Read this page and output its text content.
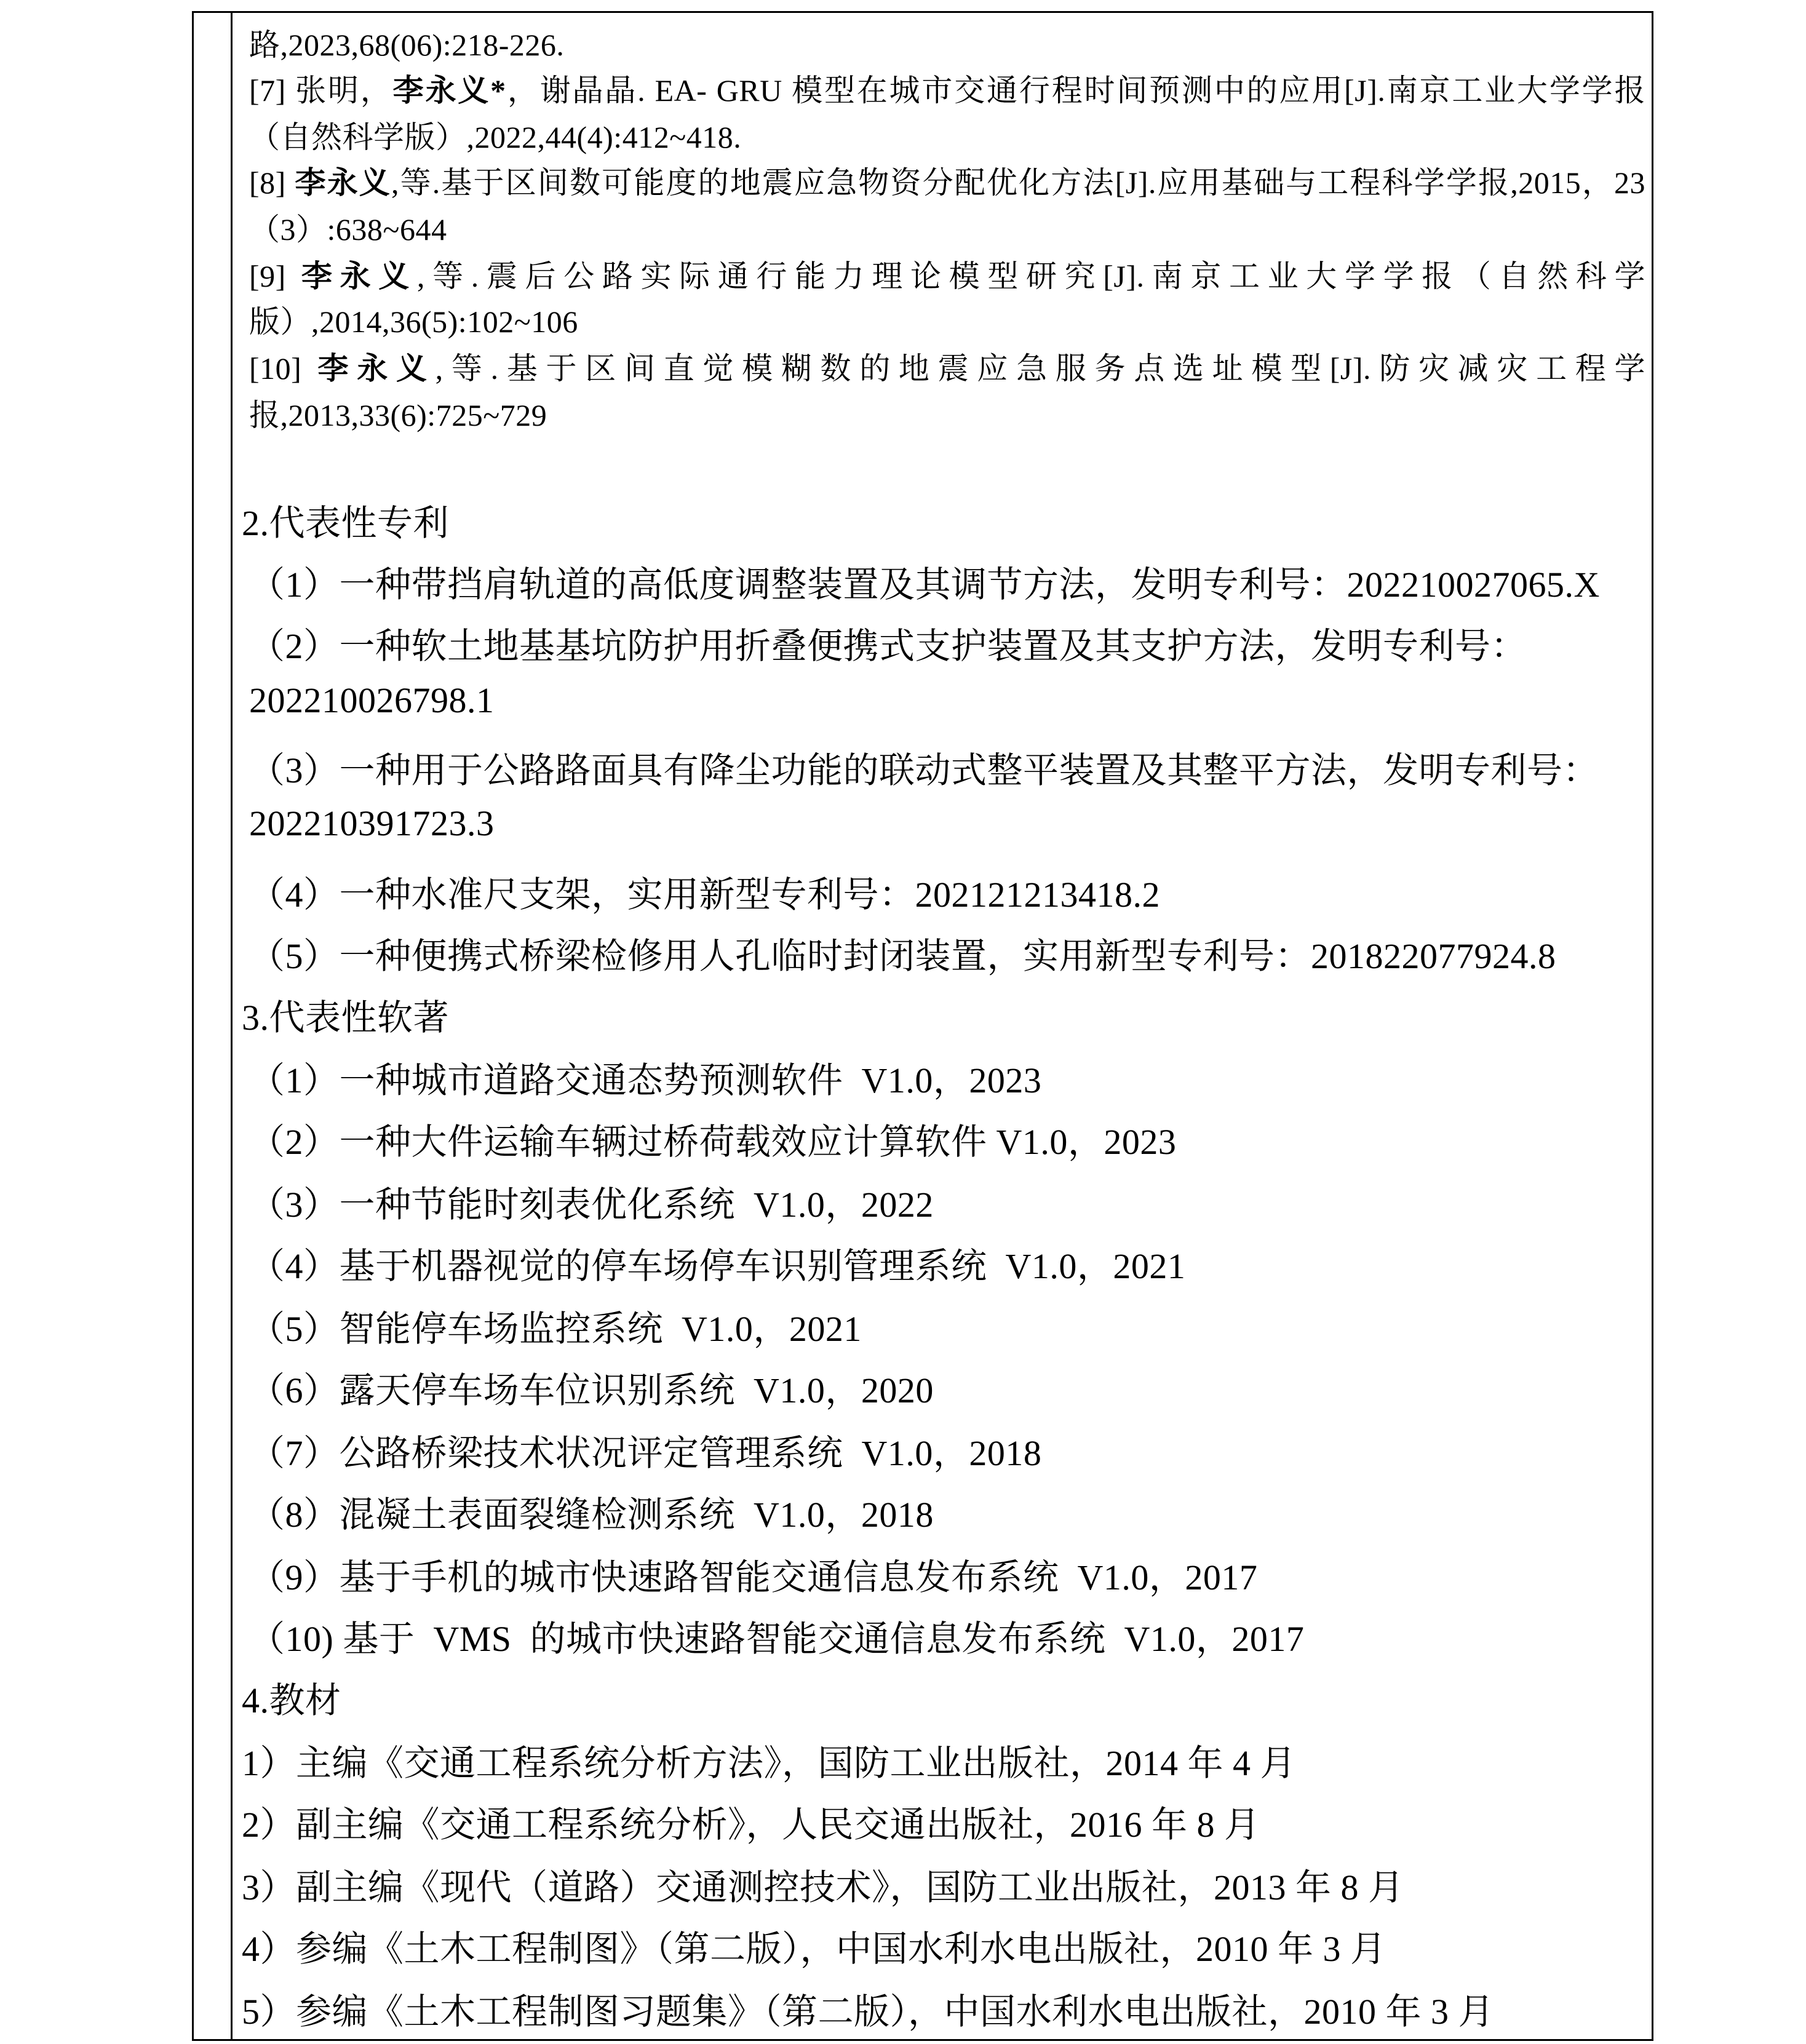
路,2023,68(06):218-226.
[7] 张明，李永义*，谢晶晶. EA- GRU 模型在城市交通行程时间预测中的应用[J].南京工业大学学报
（自然科学版）,2022,44(4):412~418.
[8] 李永义,等.基于区间数可能度的地震应急物资分配优化方法[J].应用基础与工程科学学报,2015，23
（3）:638~644
[9] 李永义,等.震后公路实际通行能力理论模型研究[J].南京工业大学学报（自然科学
版）,2014,36(5):102~106
[10] 李永义,等.基于区间直觉模糊数的地震应急服务点选址模型[J].防灾减灾工程学
报,2013,33(6):725~729
2.代表性专利
（1）一种带挡肩轨道的高低度调整装置及其调节方法，发明专利号：202210027065.X
（2）一种软土地基基坑防护用折叠便携式支护装置及其支护方法，发明专利号：
202210026798.1
（3）一种用于公路路面具有降尘功能的联动式整平装置及其整平方法，发明专利号：
202210391723.3
（4）一种水准尺支架，实用新型专利号：202121213418.2
（5）一种便携式桥梁检修用人孔临时封闭装置，实用新型专利号：201822077924.8
3.代表性软著
（1）一种城市道路交通态势预测软件  V1.0，2023
（2）一种大件运输车辆过桥荷载效应计算软件 V1.0，2023
（3）一种节能时刻表优化系统  V1.0，2022
（4）基于机器视觉的停车场停车识别管理系统  V1.0，2021
（5）智能停车场监控系统  V1.0，2021
（6）露天停车场车位识别系统  V1.0，2020
（7）公路桥梁技术状况评定管理系统  V1.0，2018
（8）混凝土表面裂缝检测系统  V1.0，2018
（9）基于手机的城市快速路智能交通信息发布系统  V1.0，2017
（10) 基于  VMS  的城市快速路智能交通信息发布系统  V1.0，2017
4.教材
1）主编《交通工程系统分析方法》，国防工业出版社，2014 年 4 月
2）副主编《交通工程系统分析》，人民交通出版社，2016 年 8 月
3）副主编《现代（道路）交通测控技术》，国防工业出版社，2013 年 8 月
4）参编《土木工程制图》（第二版），中国水利水电出版社，2010 年 3 月
5）参编《土木工程制图习题集》（第二版），中国水利水电出版社，2010 年 3 月
